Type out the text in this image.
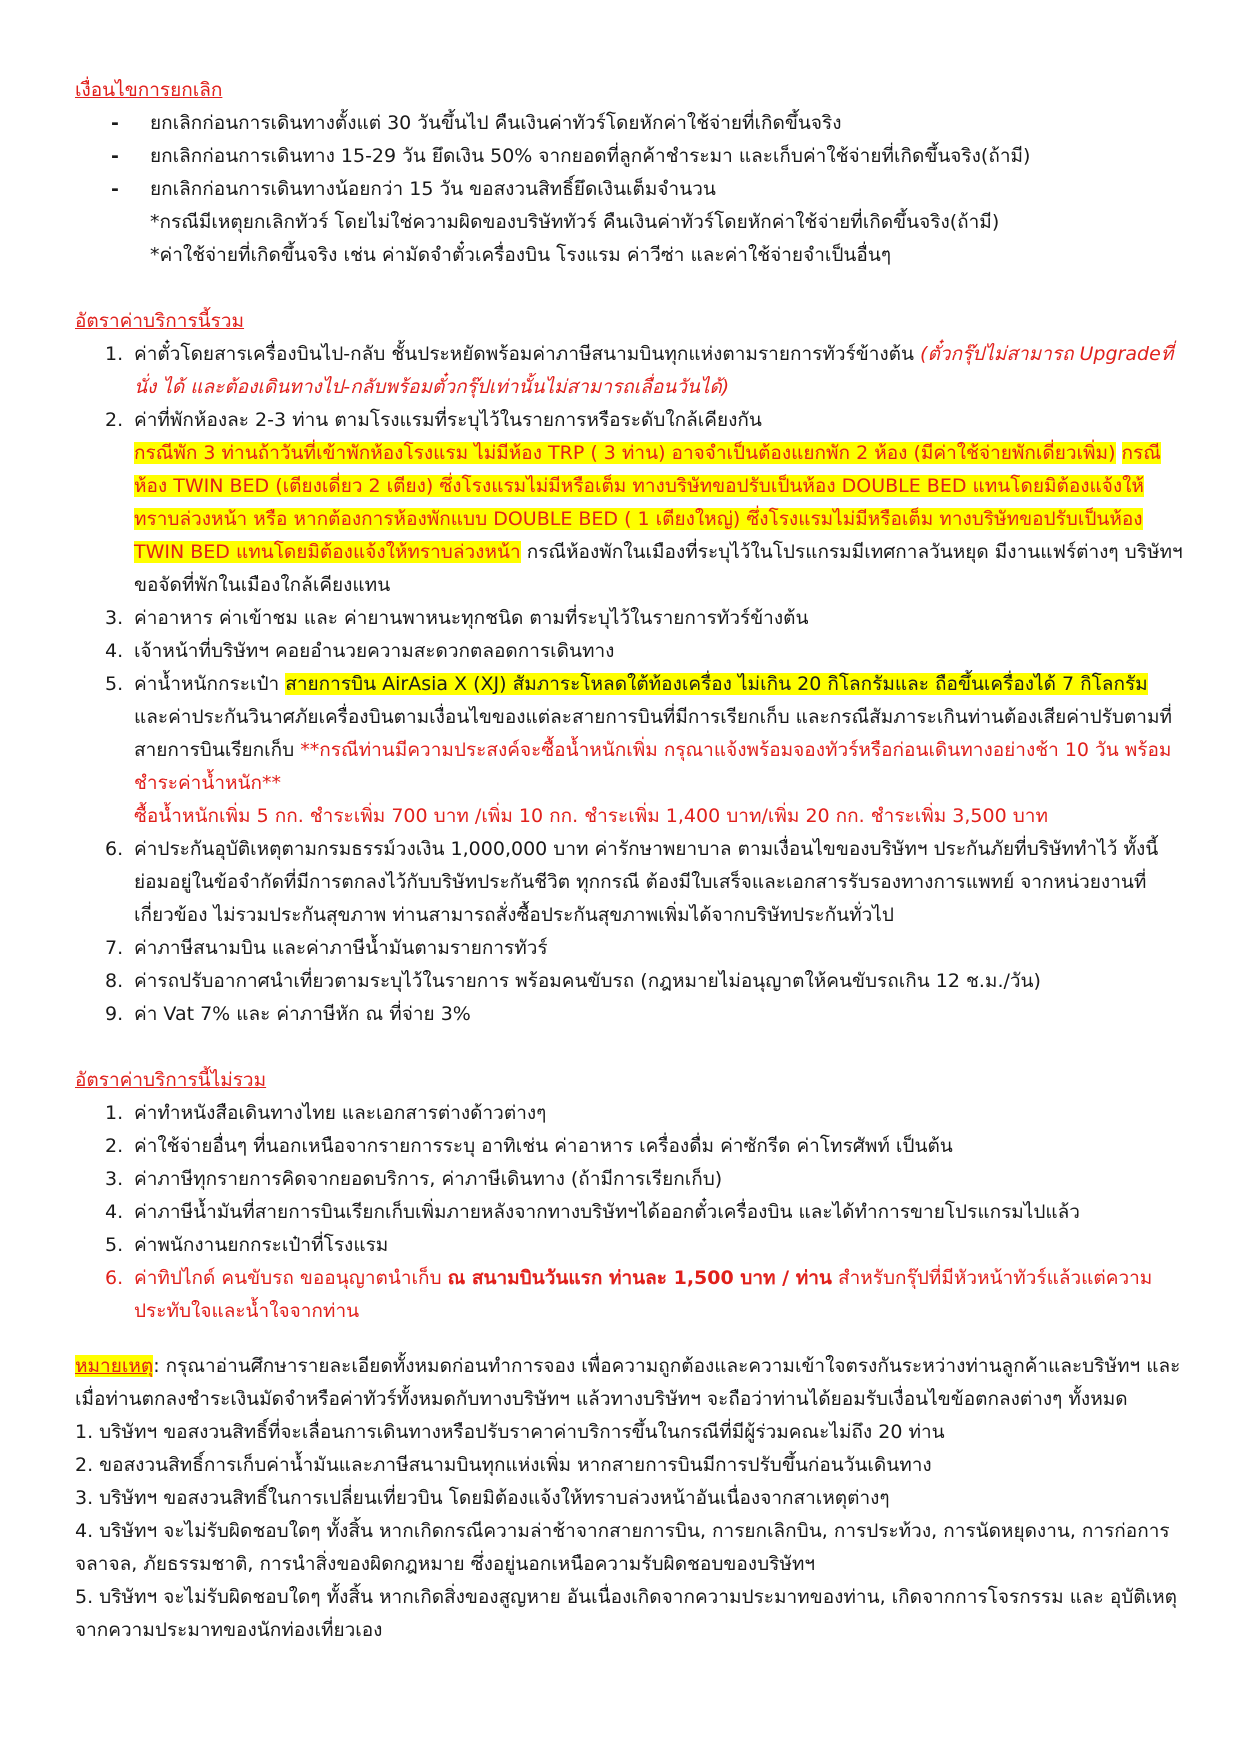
เงื่อนไขการยกเลิก

- ยกเลิกก่อนการเดินทางตั้งแต่ 30 วันขึ้นไป คืนเงินค่าทัวร์โดยหักค่าใช้จ่ายที่เกิดขึ้นจริง
- ยกเลิกก่อนการเดินทาง 15-29 วัน ยึดเงิน 50% จากยอดที่ลูกค้าชำระมา และเก็บค่าใช้จ่ายที่เกิดขึ้นจริง(ถ้ามี)
- ยกเลิกก่อนการเดินทางน้อยกว่า 15 วัน ขอสงวนสิทธิ์ยึดเงินเต็มจำนวน
*กรณีมีเหตุยกเลิกทัวร์ โดยไม่ใช่ความผิดของบริษัททัวร์ คืนเงินค่าทัวร์โดยหักค่าใช้จ่ายที่เกิดขึ้นจริง(ถ้ามี)
*ค่าใช้จ่ายที่เกิดขึ้นจริง เช่น ค่ามัดจำตั๋วเครื่องบิน โรงแรม ค่าวีซ่า และค่าใช้จ่ายจำเป็นอื่นๆ

อัตราค่าบริการนี้รวม

1. ค่าตั๋วโดยสารเครื่องบินไป-กลับ ชั้นประหยัดพร้อมค่าภาษีสนามบินทุกแห่งตามรายการทัวร์ข้างต้น (ตั๋วกรุ๊ปไม่สามารถ Upgradeที่นั่ง ได้ และต้องเดินทางไป-กลับพร้อมตั๋วกรุ๊ปเท่านั้นไม่สามารถเลื่อนวันได้)
2. ค่าที่พักห้องละ 2-3 ท่าน ตามโรงแรมที่ระบุไว้ในรายการหรือระดับใกล้เคียงกัน
กรณีพัก 3 ท่านถ้าวันที่เข้าพักห้องโรงแรม ไม่มีห้อง TRP ( 3 ท่าน) อาจจำเป็นต้องแยกพัก 2 ห้อง (มีค่าใช้จ่ายพักเดี่ยวเพิ่ม) กรณีห้อง TWIN BED (เตียงเดี่ยว 2 เตียง) ซึ่งโรงแรมไม่มีหรือเต็ม ทางบริษัทขอปรับเป็นห้อง DOUBLE BED แทนโดยมิต้องแจ้งให้ทราบล่วงหน้า หรือ หากต้องการห้องพักแบบ DOUBLE BED ( 1 เตียงใหญ่) ซึ่งโรงแรมไม่มีหรือเต็ม ทางบริษัทขอปรับเป็นห้อง TWIN BED แทนโดยมิต้องแจ้งให้ทราบล่วงหน้า กรณีห้องพักในเมืองที่ระบุไว้ในโปรแกรมมีเทศกาลวันหยุด มีงานแฟร์ต่างๆ บริษัทฯ ขอจัดที่พักในเมืองใกล้เคียงแทน
3. ค่าอาหาร ค่าเข้าชม และ ค่ายานพาหนะทุกชนิด ตามที่ระบุไว้ในรายการทัวร์ข้างต้น
4. เจ้าหน้าที่บริษัทฯ คอยอำนวยความสะดวกตลอดการเดินทาง
5. ค่าน้ำหนักกระเป๋า สายการบิน AirAsia X (XJ) สัมภาระโหลดใต้ท้องเครื่อง ไม่เกิน 20 กิโลกรัมและ ถือขึ้นเครื่องได้ 7 กิโลกรัม และค่าประกันวินาศภัยเครื่องบินตามเงื่อนไขของแต่ละสายการบินที่มีการเรียกเก็บ และกรณีสัมภาระเกินท่านต้องเสียค่าปรับตามที่สายการบินเรียกเก็บ **กรณีท่านมีความประสงค์จะซื้อน้ำหนักเพิ่ม กรุณาแจ้งพร้อมจองทัวร์หรือก่อนเดินทางอย่างช้า 10 วัน พร้อมชำระค่าน้ำหนัก**
ซื้อน้ำหนักเพิ่ม 5 กก. ชำระเพิ่ม 700 บาท /เพิ่ม 10 กก. ชำระเพิ่ม 1,400 บาท/เพิ่ม 20 กก. ชำระเพิ่ม 3,500 บาท
6. ค่าประกันอุบัติเหตุตามกรมธรรม์วงเงิน 1,000,000 บาท ค่ารักษาพยาบาล ตามเงื่อนไขของบริษัทฯ ประกันภัยที่บริษัททำไว้ ทั้งนี้ย่อมอยู่ในข้อจำกัดที่มีการตกลงไว้กับบริษัทประกันชีวิต ทุกกรณี ต้องมีใบเสร็จและเอกสารรับรองทางการแพทย์ จากหน่วยงานที่เกี่ยวข้อง ไม่รวมประกันสุขภาพ ท่านสามารถสั่งซื้อประกันสุขภาพเพิ่มได้จากบริษัทประกันทั่วไป
7. ค่าภาษีสนามบิน และค่าภาษีน้ำมันตามรายการทัวร์
8. ค่ารถปรับอากาศนำเที่ยวตามระบุไว้ในรายการ พร้อมคนขับรถ (กฎหมายไม่อนุญาตให้คนขับรถเกิน 12 ช.ม./วัน)
9. ค่า Vat 7% และ ค่าภาษีหัก ณ ที่จ่าย 3%

อัตราค่าบริการนี้ไม่รวม

1. ค่าทำหนังสือเดินทางไทย และเอกสารต่างด้าวต่างๆ
2. ค่าใช้จ่ายอื่นๆ ที่นอกเหนือจากรายการระบุ อาทิเช่น ค่าอาหาร เครื่องดื่ม ค่าซักรีด ค่าโทรศัพท์ เป็นต้น
3. ค่าภาษีทุกรายการคิดจากยอดบริการ, ค่าภาษีเดินทาง (ถ้ามีการเรียกเก็บ)
4. ค่าภาษีน้ำมันที่สายการบินเรียกเก็บเพิ่มภายหลังจากทางบริษัทฯได้ออกตั๋วเครื่องบิน และได้ทำการขายโปรแกรมไปแล้ว
5. ค่าพนักงานยกกระเป๋าที่โรงแรม
6. ค่าทิปไกด์ คนขับรถ ขออนุญาตนำเก็บ ณ สนามบินวันแรก ท่านละ 1,500 บาท / ท่าน สำหรับกรุ๊ปที่มีหัวหน้าทัวร์แล้วแต่ความประทับใจและน้ำใจจากท่าน

หมายเหตุ: กรุณาอ่านศึกษารายละเอียดทั้งหมดก่อนทำการจอง เพื่อความถูกต้องและความเข้าใจตรงกันระหว่างท่านลูกค้าและบริษัทฯ และเมื่อท่านตกลงชำระเงินมัดจำหรือค่าทัวร์ทั้งหมดกับทางบริษัทฯ แล้วทางบริษัทฯ จะถือว่าท่านได้ยอมรับเงื่อนไขข้อตกลงต่างๆ ทั้งหมด

1. บริษัทฯ ขอสงวนสิทธิ์ที่จะเลื่อนการเดินทางหรือปรับราคาค่าบริการขึ้นในกรณีที่มีผู้ร่วมคณะไม่ถึง 20 ท่าน

2. ขอสงวนสิทธิ์การเก็บค่าน้ำมันและภาษีสนามบินทุกแห่งเพิ่ม หากสายการบินมีการปรับขึ้นก่อนวันเดินทาง

3. บริษัทฯ ขอสงวนสิทธิ์ในการเปลี่ยนเที่ยวบิน โดยมิต้องแจ้งให้ทราบล่วงหน้าอันเนื่องจากสาเหตุต่างๆ

4. บริษัทฯ จะไม่รับผิดชอบใดๆ ทั้งสิ้น หากเกิดกรณีความล่าช้าจากสายการบิน, การยกเลิกบิน, การประท้วง, การนัดหยุดงาน, การก่อการจลาจล, ภัยธรรมชาติ, การนำสิ่งของผิดกฎหมาย ซึ่งอยู่นอกเหนือความรับผิดชอบของบริษัทฯ

5. บริษัทฯ จะไม่รับผิดชอบใดๆ ทั้งสิ้น หากเกิดสิ่งของสูญหาย อันเนื่องเกิดจากความประมาทของท่าน, เกิดจากการโจรกรรม และ อุบัติเหตุจากความประมาทของนักท่องเที่ยวเอง
